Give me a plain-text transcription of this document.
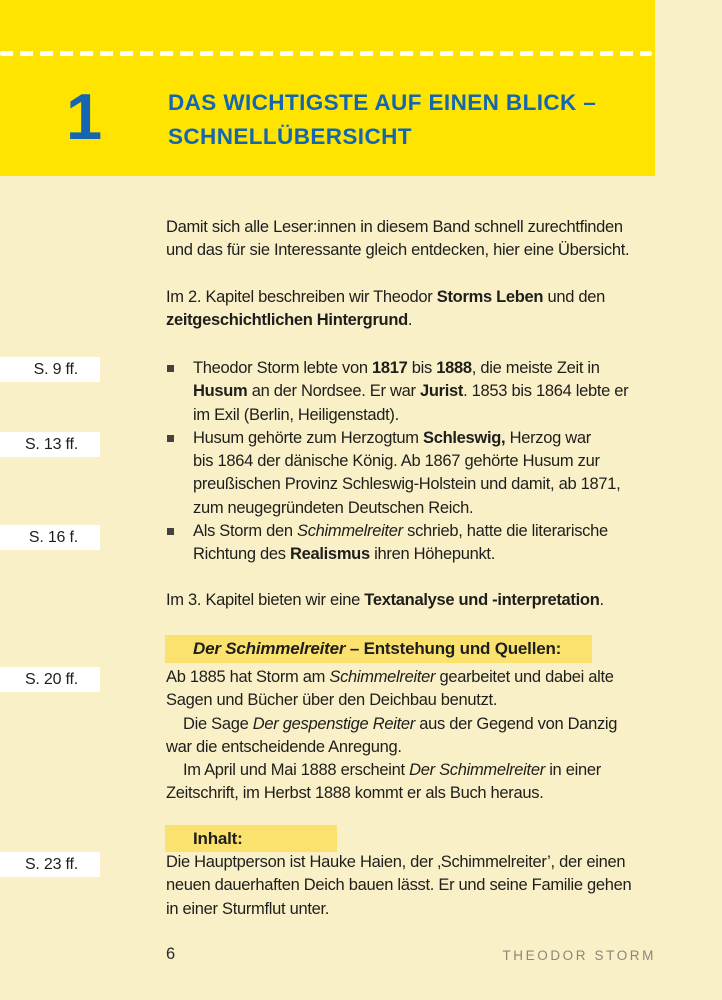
1	DAS WICHTIGSTE AUF EINEN BLICK –
SCHNELLÜBERSICHT
S. 9 ff.
S. 13 ff.
S. 16 f.
S. 20 ff.
S. 23 ff.
Damit sich alle Leser:innen in diesem Band schnell zurechtfinden
und das für sie Interessante gleich entdecken, hier eine Übersicht.
Im 2. Kapitel beschreiben wir Theodor Storms Leben und den
zeitgeschichtlichen Hintergrund.
Theodor Storm lebte von 1817 bis 1888, die meiste Zeit in
Husum an der Nordsee. Er war Jurist. 1853 bis 1864 lebte er
im Exil (Berlin, Heiligenstadt).
Husum gehörte zum Herzogtum Schleswig, Herzog war
bis 1864 der dänische König. Ab 1867 gehörte Husum zur
preußischen Provinz Schleswig-Holstein und damit, ab 1871,
zum neugegründeten Deutschen Reich.
Als Storm den Schimmelreiter schrieb, hatte die literarische
Richtung des Realismus ihren Höhepunkt.
Im 3. Kapitel bieten wir eine Textanalyse und -interpretation.
Der Schimmelreiter – Entstehung und Quellen:

Ab 1885 hat Storm am Schimmelreiter gearbeitet und dabei alte
Sagen und Bücher über den Deichbau benutzt.

Die Sage Der gespenstige Reiter aus der Gegend von Danzig
war die entscheidende Anregung.

Im April und Mai 1888 erscheint Der Schimmelreiter in einer
Zeitschrift, im Herbst 1888 kommt er als Buch heraus.

Inhalt:
Die Hauptperson ist Hauke Haien, der ‚Schimmelreiter’, der einen
neuen dauerhaften Deich bauen lässt. Er und seine Familie gehen
in einer Sturmflut unter.
6	THEODOR STORM
